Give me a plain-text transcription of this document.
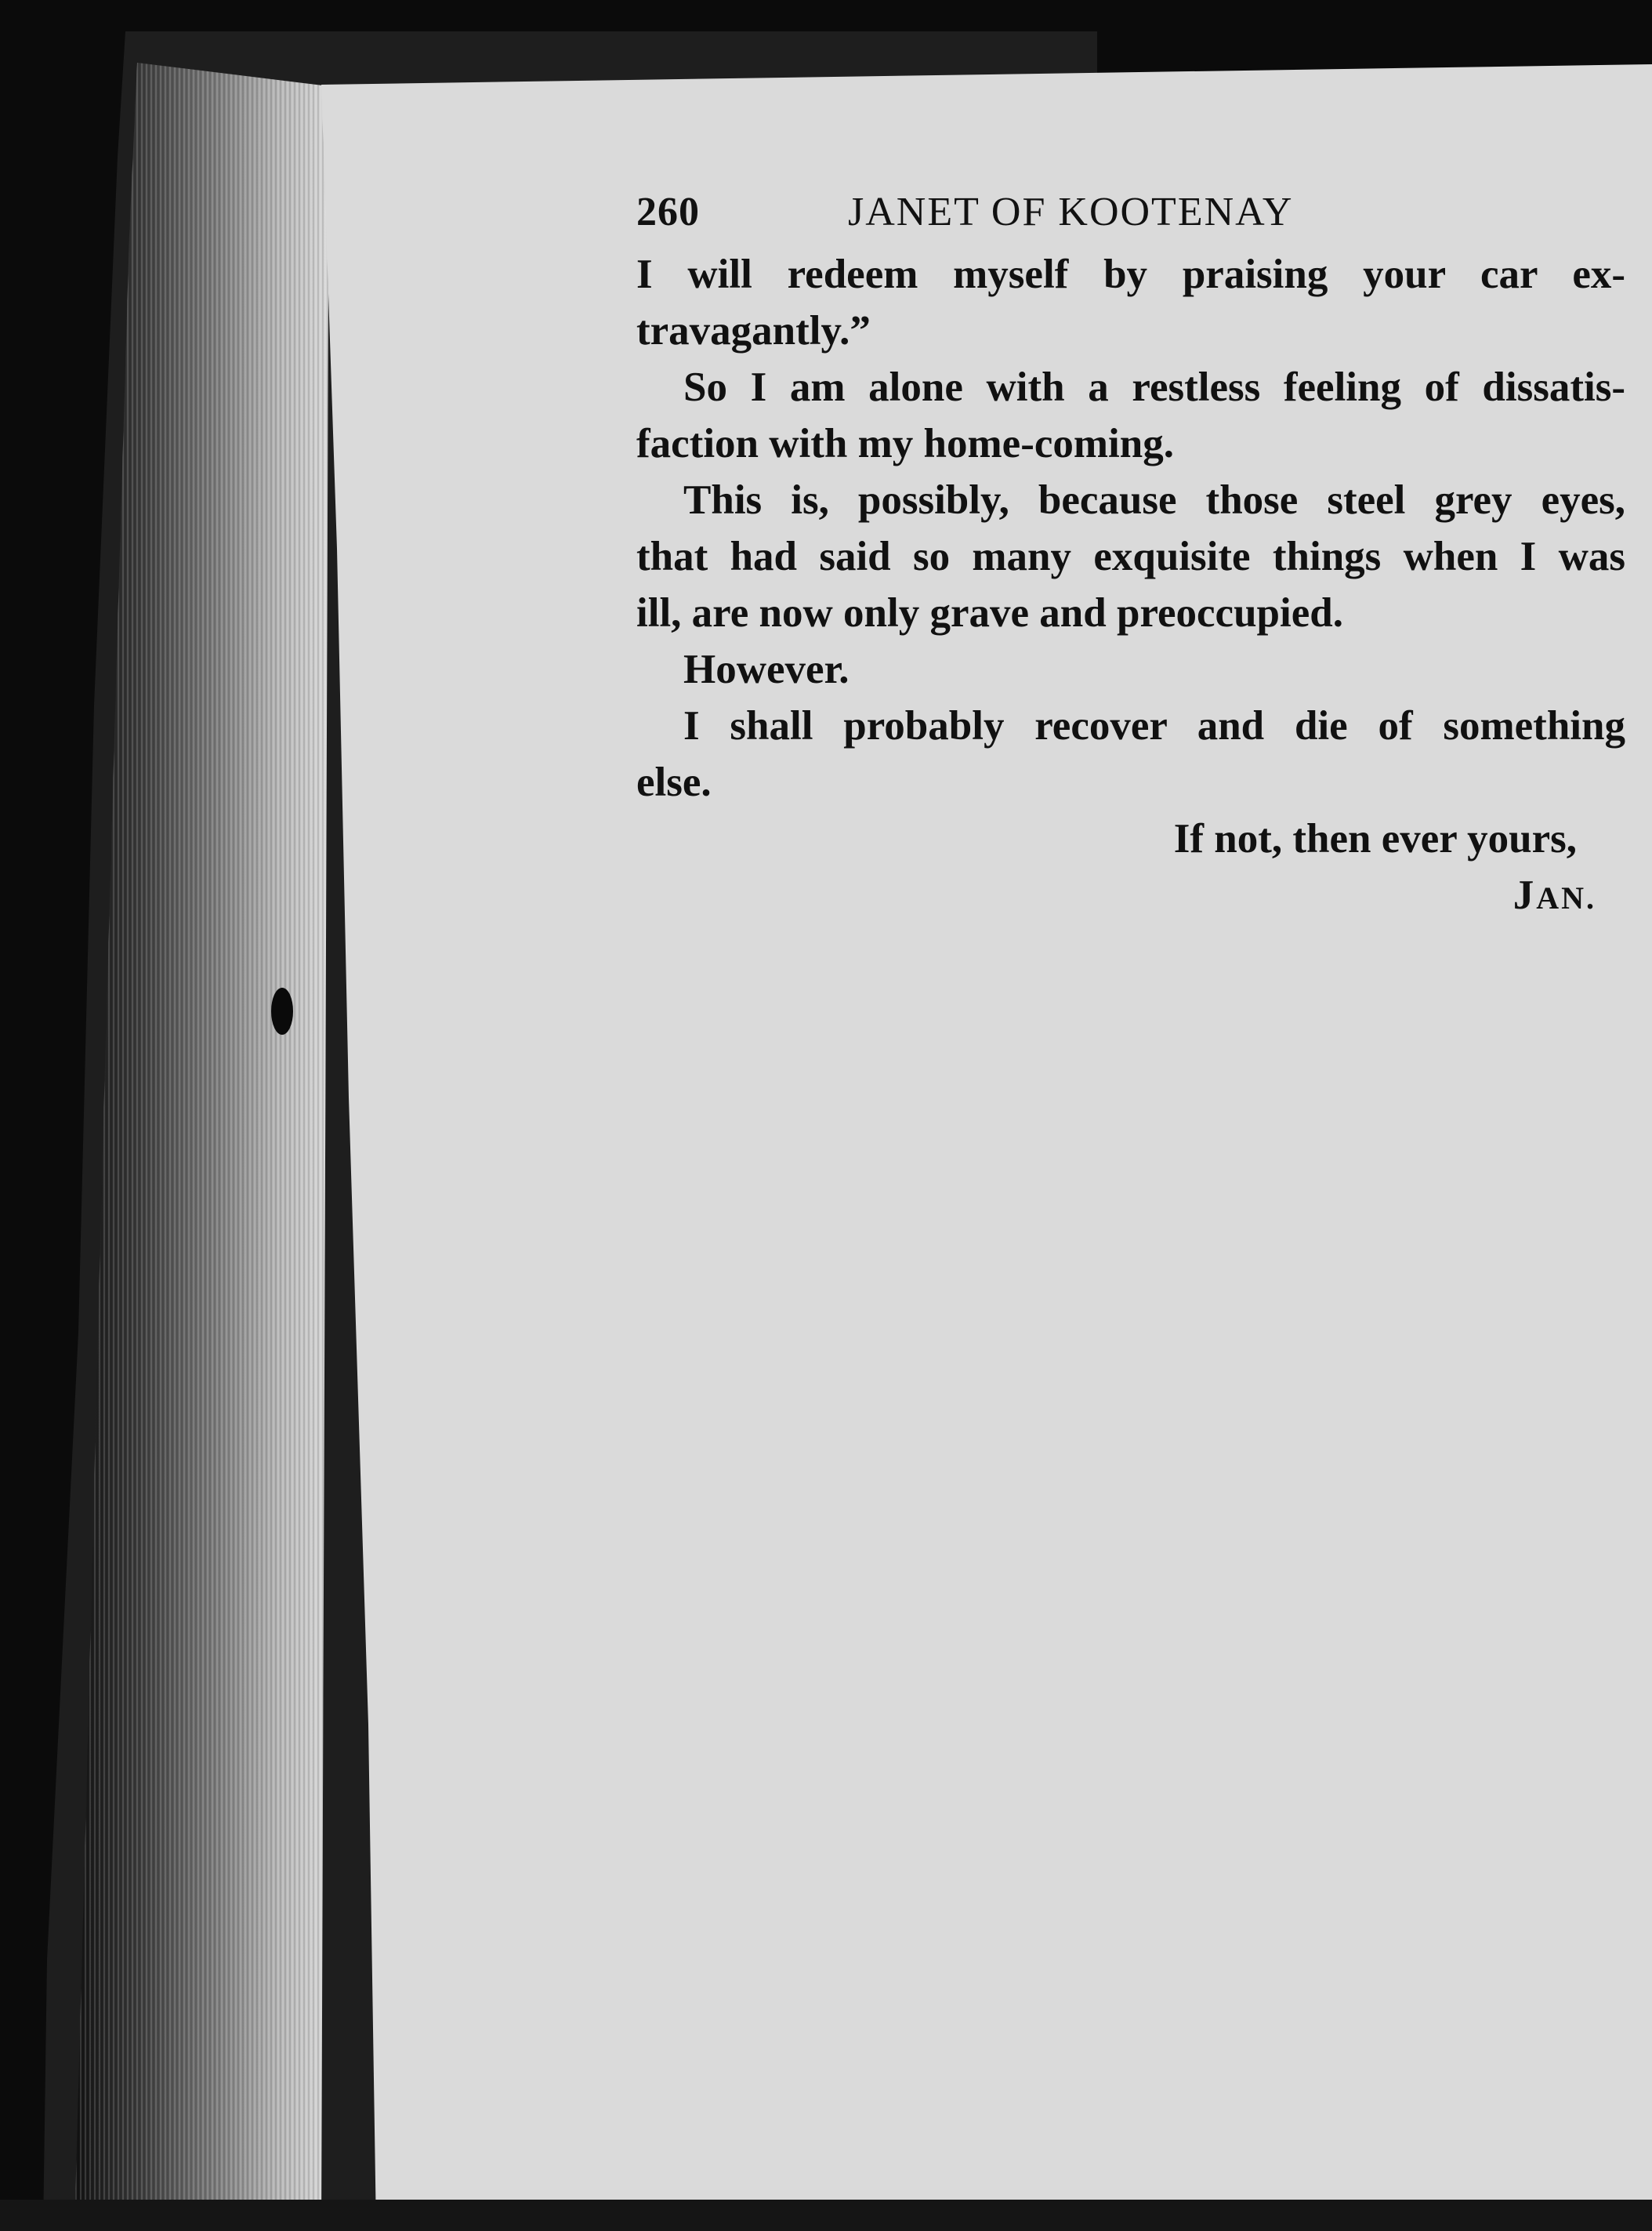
260	JANET OF KOOTENAY
I will redeem myself by praising your car ex-
travagantly.”
So I am alone with a restless feeling of dissatis-
faction with my home-coming.
This is, possibly, because those steel grey eyes,
that had said so many exquisite things when I was
ill, are now only grave and preoccupied.
However.
I shall probably recover and die of something
else.
If not, then ever yours,
JAN.
